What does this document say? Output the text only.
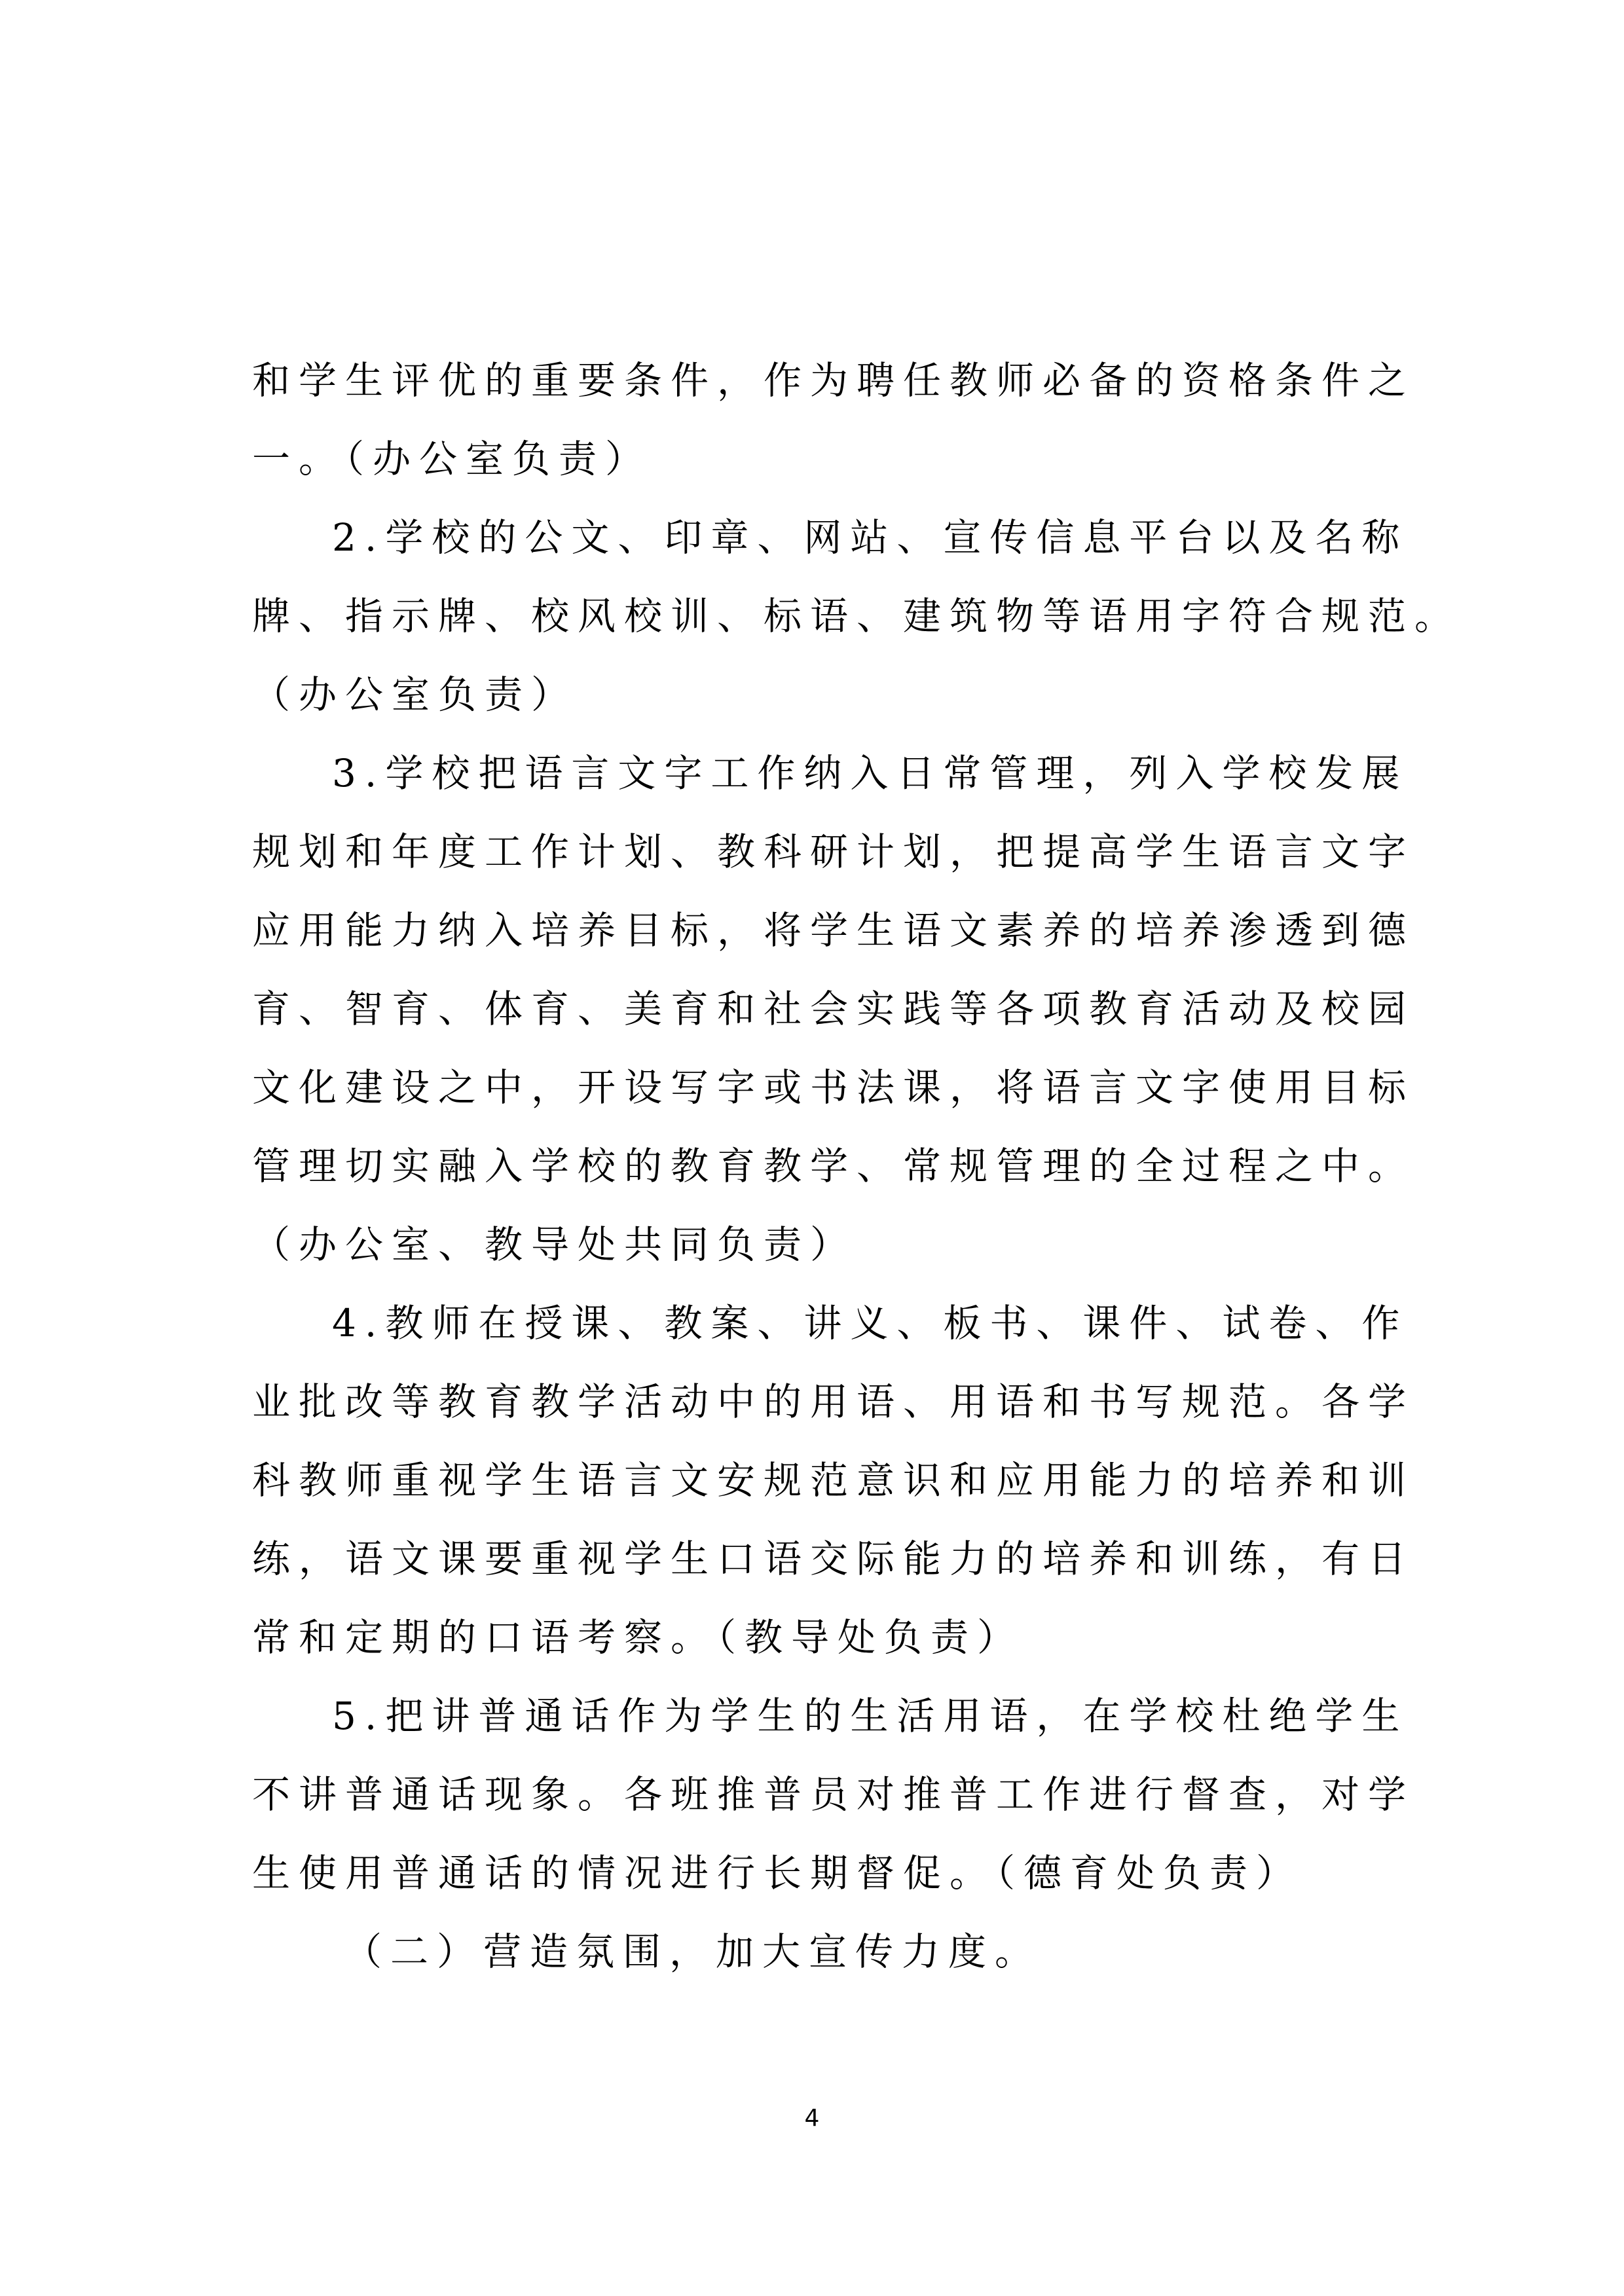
和学生评优的重要条件，作为聘任教师必备的资格条件之
一。（办公室负责）
2.学校的公文、印章、网站、宣传信息平台以及名称
牌、指示牌、校风校训、标语、建筑物等语用字符合规范。
（办公室负责）
3.学校把语言文字工作纳入日常管理，列入学校发展
规划和年度工作计划、教科研计划，把提高学生语言文字
应用能力纳入培养目标，将学生语文素养的培养渗透到德
育、智育、体育、美育和社会实践等各项教育活动及校园
文化建设之中，开设写字或书法课，将语言文字使用目标
管理切实融入学校的教育教学、常规管理的全过程之中。
（办公室、教导处共同负责）
4.教师在授课、教案、讲义、板书、课件、试卷、作
业批改等教育教学活动中的用语、用语和书写规范。各学
科教师重视学生语言文安规范意识和应用能力的培养和训
练，语文课要重视学生口语交际能力的培养和训练，有日
常和定期的口语考察。（教导处负责）
5.把讲普通话作为学生的生活用语，在学校杜绝学生
不讲普通话现象。各班推普员对推普工作进行督查，对学
生使用普通话的情况进行长期督促。（德育处负责）
（二）营造氛围，加大宣传力度。
4
